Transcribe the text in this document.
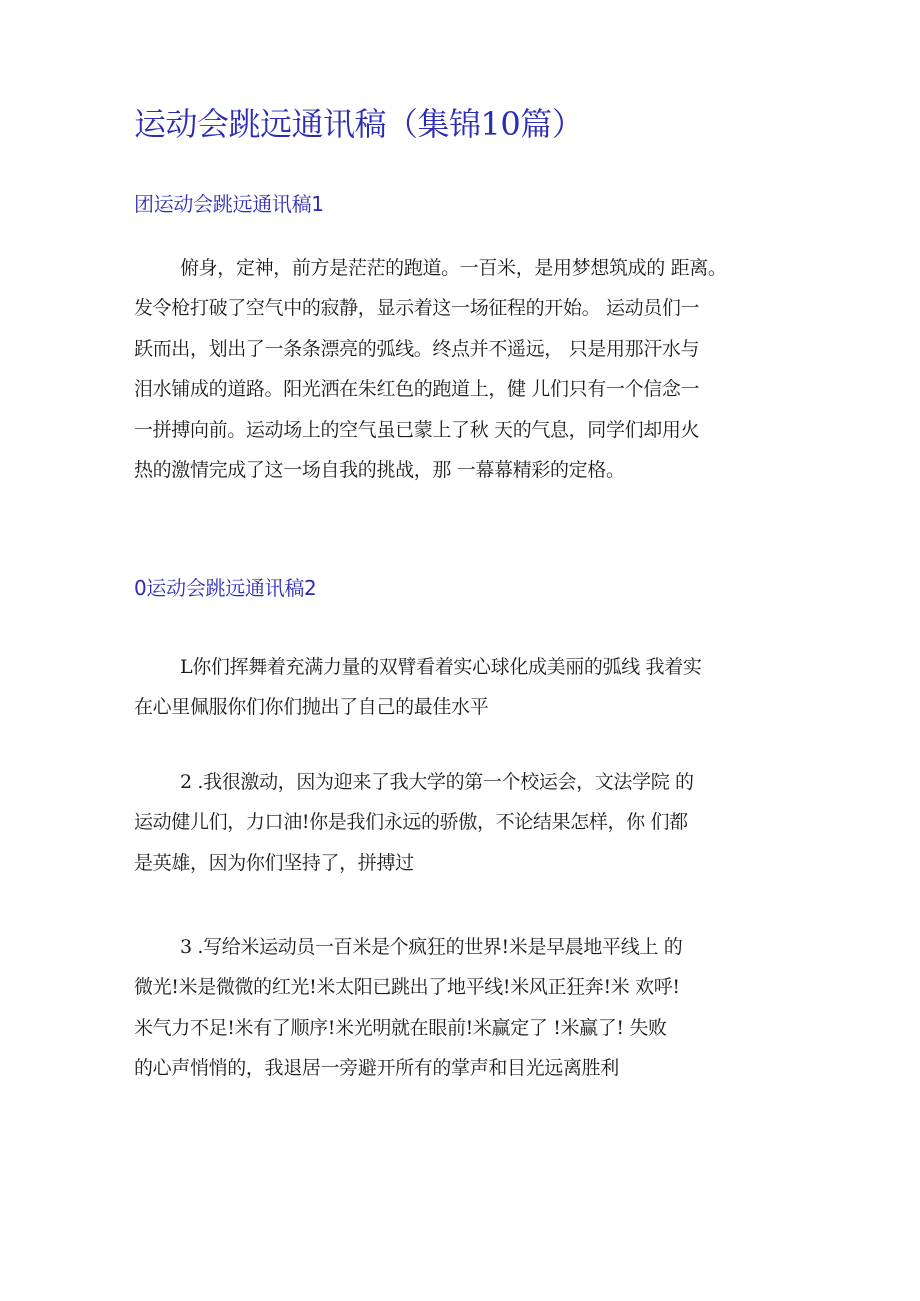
运动会跳远通讯稿（集锦10篇）
团运动会跳远通讯稿1
俯身，定神，前方是茫茫的跑道。一百米，是用梦想筑成的 距离。
发令枪打破了空气中的寂静，显示着这一场征程的开始。 运动员们一
跃而出，划出了一条条漂亮的弧线。终点并不遥远， 只是用那汗水与
泪水铺成的道路。阳光洒在朱红色的跑道上，健 儿们只有一个信念一
一拼搏向前。运动场上的空气虽已蒙上了秋 天的气息，同学们却用火
热的激情完成了这一场自我的挑战，那 一幕幕精彩的定格。
0运动会跳远通讯稿2
L你们挥舞着充满力量的双臂看着实心球化成美丽的弧线 我着实
在心里佩服你们你们抛出了自己的最佳水平
2 .我很激动，因为迎来了我大学的第一个校运会，文法学院 的
运动健儿们，力口油!你是我们永远的骄傲，不论结果怎样，你 们都
是英雄，因为你们坚持了，拼搏过
3 .写给米运动员一百米是个疯狂的世界!米是早晨地平线上 的
微光!米是微微的红光!米太阳已跳出了地平线!米风正狂奔!米 欢呼!
米气力不足!米有了顺序!米光明就在眼前!米赢定了 !米赢了! 失败
的心声悄悄的，我退居一旁避开所有的掌声和目光远离胜利
